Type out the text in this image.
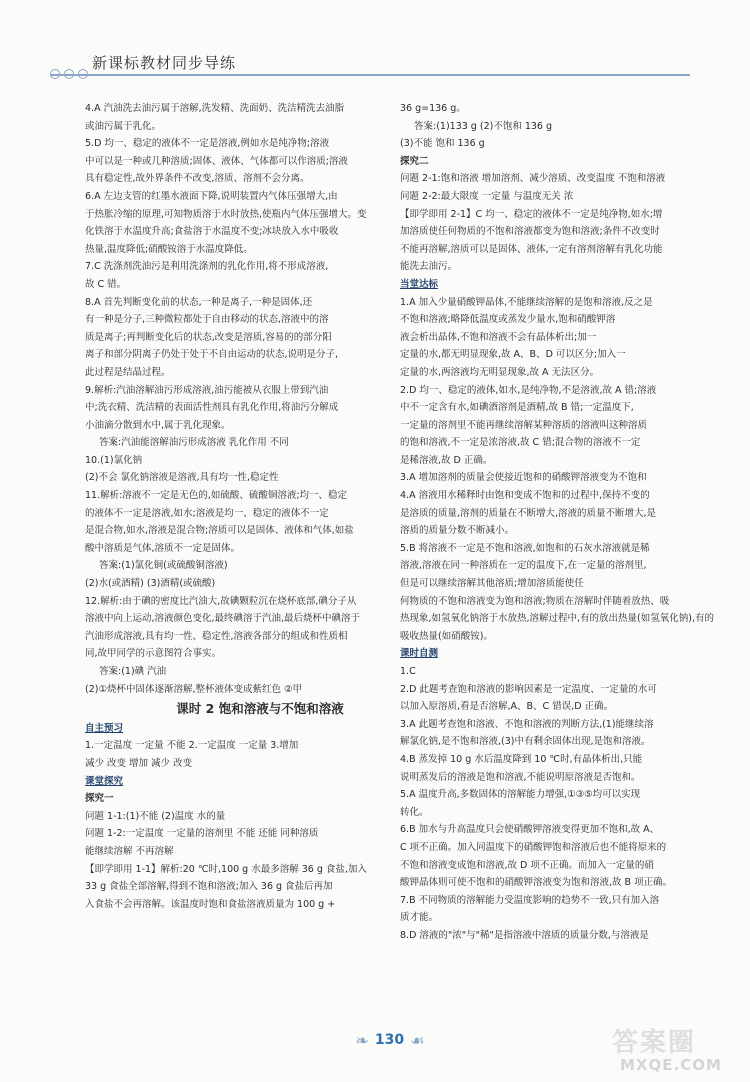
新课标教材同步导练
4.A 汽油洗去油污属于溶解,洗发精、洗面奶、洗洁精洗去油脂
或油污属于乳化。
5.D 均一、稳定的液体不一定是溶液,例如水是纯净物;溶液
中可以是一种或几种溶质;固体、液体、气体都可以作溶质;溶液
具有稳定性,故外界条件不改变,溶质、溶剂不会分离。
6.A 左边支管的红墨水液面下降,说明装置内气体压强增大,由
于热胀冷缩的原理,可知物质溶于水时放热,使瓶内气体压强增大。变
化铁溶于水温度升高;食盐溶于水温度不变;冰块放入水中吸收
热量,温度降低;硝酸铵溶于水温度降低。
7.C 洗涤剂洗油污是利用洗涤剂的乳化作用,将不形成溶液,
故 C 错。
8.A 首先判断变化前的状态,一种是离子,一种是固体,还
有一种是分子,三种微粒都处于自由移动的状态,溶液中的溶
质是离子;再判断变化后的状态,改变是溶质,容易的的部分阳
离子和部分阴离子仍处于处于不自由运动的状态,说明是分子,
此过程是结晶过程。
9.解析:汽油溶解油污形成溶液,油污能被从衣服上带到汽油
中;洗衣精、洗洁精的表面活性剂具有乳化作用,将油污分解成
小油滴分散到水中,属于乳化现象。
答案:汽油能溶解油污形成溶液 乳化作用 不同
10.(1)氯化钠
(2)不会 氯化钠溶液是溶液,具有均一性,稳定性
11.解析:溶液不一定是无色的,如硫酸、硫酸铜溶液;均一、稳定
的液体不一定是溶液,如水;溶液是均一、稳定的液体不一定
是混合物,如水,溶液是混合物;溶质可以是固体、液体和气体,如盐
酸中溶质是气体,溶质不一定是固体。
答案:(1)氯化铜(或硫酸铜溶液)
(2)水(或酒精) (3)酒精(或硫酸)
12.解析:由于碘的密度比汽油大,故碘颗粒沉在烧杯底部,碘分子从
溶液中向上运动,溶液颜色变化,最终碘溶于汽油,最后烧杯中碘溶于
汽油形成溶液,具有均一性、稳定性,溶液各部分的组成和性质相
同,故甲同学的示意图符合事实。
答案:(1)碘 汽油
(2)①烧杯中固体逐渐溶解,整杯液体变成紫红色 ②甲
课时 2 饱和溶液与不饱和溶液
自主预习
1.一定温度 一定量 不能 2.一定温度 一定量 3.增加
减少 改变 增加 减少 改变
课堂探究
探究一
问题 1-1:(1)不能 (2)温度 水的量
问题 1-2:一定温度 一定量的溶剂里 不能 还能 同种溶质
能继续溶解 不再溶解
【即学即用 1-1】解析:20 ℃时,100 g 水最多溶解 36 g 食盐,加入
33 g 食盐全部溶解,得到不饱和溶液;加入 36 g 食盐后再加
入食盐不会再溶解。该温度时饱和食盐溶液质量为 100 g +
36 g=136 g。
答案:(1)133 g (2)不饱和 136 g
(3)不能 饱和 136 g
探究二
问题 2-1:饱和溶液 增加溶剂、减少溶质、改变温度 不饱和溶液
问题 2-2:最大限度 一定量 与温度无关 浓
【即学即用 2-1】C 均一、稳定的液体不一定是纯净物,如水;增
加溶质使任何物质的不饱和溶液都变为饱和溶液;条件不改变时
不能再溶解,溶质可以是固体、液体,一定有溶剂溶解有乳化功能
能洗去油污。
当堂达标
1.A 加入少量硝酸钾晶体,不能继续溶解的是饱和溶液,反之是
不饱和溶液;略降低温度或蒸发少量水,饱和硝酸钾溶
液会析出晶体,不饱和溶液不会有晶体析出;加一
定量的水,都无明显现象,故 A、B、D 可以区分;加入一
定量的水,两溶液均无明显现象,故 A 无法区分。
2.D 均一、稳定的液体,如水,是纯净物,不是溶液,故 A 错;溶液
中不一定含有水,如碘酒溶剂是酒精,故 B 错;一定温度下,
一定量的溶剂里不能再继续溶解某种溶质的溶液叫这种溶质
的饱和溶液,不一定是浓溶液,故 C 错;混合物的溶液不一定
是稀溶液,故 D 正确。
3.A 增加溶剂的质量会使接近饱和的硝酸钾溶液变为不饱和
4.A 溶液用水稀释时由饱和变成不饱和的过程中,保持不变的
是溶质的质量,溶剂的质量在不断增大,溶液的质量不断增大,是
溶质的质量分数不断减小。
5.B 将溶液不一定是不饱和溶液,如饱和的石灰水溶液就是稀
溶液,溶液在同一种溶质在一定的温度下,在一定量的溶剂里,
但是可以继续溶解其他溶质;增加溶质能使任
何物质的不饱和溶液变为饱和溶液;物质在溶解时伴随着放热、吸
热现象,如氢氧化钠溶于水放热,溶解过程中,有的放出热量(如氢氧化钠),有的
吸收热量(如硝酸铵)。
课时自测
1.C
2.D 此题考查饱和溶液的影响因素是一定温度、一定量的水可
以加入原溶质,看是否溶解,A、B、C 错误,D 正确。
3.A 此题考查饱和溶液、不饱和溶液的判断方法,(1)能继续溶
解氯化钠,是不饱和溶液,(3)中有剩余固体出现,是饱和溶液。
4.B 蒸发掉 10 g 水后温度降到 10 ℃时,有晶体析出,只能
说明蒸发后的溶液是饱和溶液,不能说明原溶液是否饱和。
5.A 温度升高,多数固体的溶解能力增强,①③⑤均可以实现
转化。
6.B 加水与升高温度只会使硝酸钾溶液变得更加不饱和,故 A、
C 项不正确。加入同温度下的硝酸钾饱和溶液后也不能将原来的
不饱和溶液变成饱和溶液,故 D 项不正确。而加入一定量的硝
酸钾晶体则可使不饱和的硝酸钾溶液变为饱和溶液,故 B 项正确。
7.B 不同物质的溶解能力受温度影响的趋势不一致,只有加入溶
质才能。
8.D 溶液的"浓"与"稀"是指溶液中溶质的质量分数,与溶液是
❧ 130 ☙	答案圈
MXQE.COM
